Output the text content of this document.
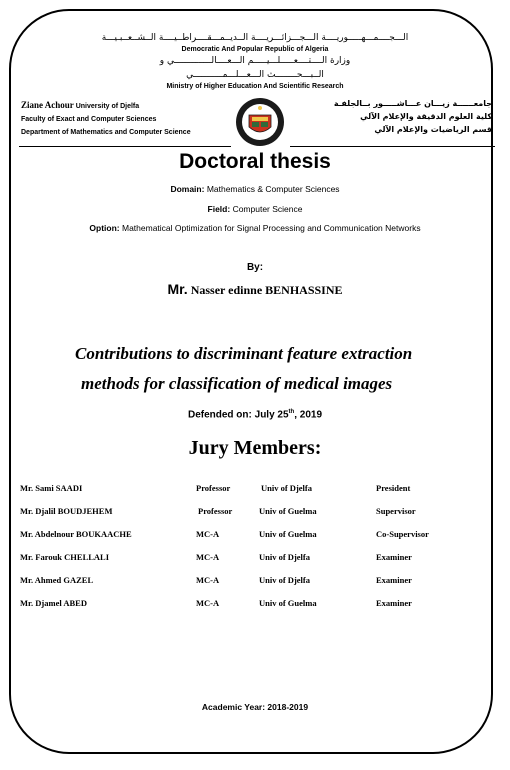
الـــجــــمـــهـــــوريــــة الـــجـــزائـــريــــة الــديــمـــقــــراطــيــــة الــشــعــبـيـــة
Democratic And Popular Republic of Algeria
وزارة الــــتــــعـــــلـــيـــــم الـــعــــالــــــــــــــي و
الــبـــحــــــــث الـــعـــلـــمـــــــــــي
Ministry of Higher Education And Scientific Research
Ziane Achour University of Djelfa
Faculty of Exact and Computer Sciences
Department of Mathematics and Computer Science
جامعــــــة زيـــان عـــاشـــــور بــالجلفـة
كلية العلوم الدقيقة والإعلام الآلي
قسم الرياضيات والإعلام الآلي
Doctoral thesis
Domain: Mathematics & Computer Sciences
Field: Computer Science
Option: Mathematical Optimization for Signal Processing and Communication Networks
By:
Mr. Nasser edinne BENHASSINE
Contributions to discriminant feature extraction
methods for classification of medical images
Defended on: July 25th, 2019
Jury Members:
Mr. Sami SAADI	Professor	Univ of Djelfa	President
Mr. Djalil BOUDJEHEM	Professor	Univ of Guelma	Supervisor
Mr. Abdelnour BOUKAACHE	MC-A	Univ of Guelma	Co-Supervisor
Mr. Farouk CHELLALI	MC-A	Univ of Djelfa	Examiner
Mr. Ahmed GAZEL	MC-A	Univ of Djelfa	Examiner
Mr. Djamel ABED	MC-A	Univ of Guelma	Examiner
Academic Year: 2018-2019
